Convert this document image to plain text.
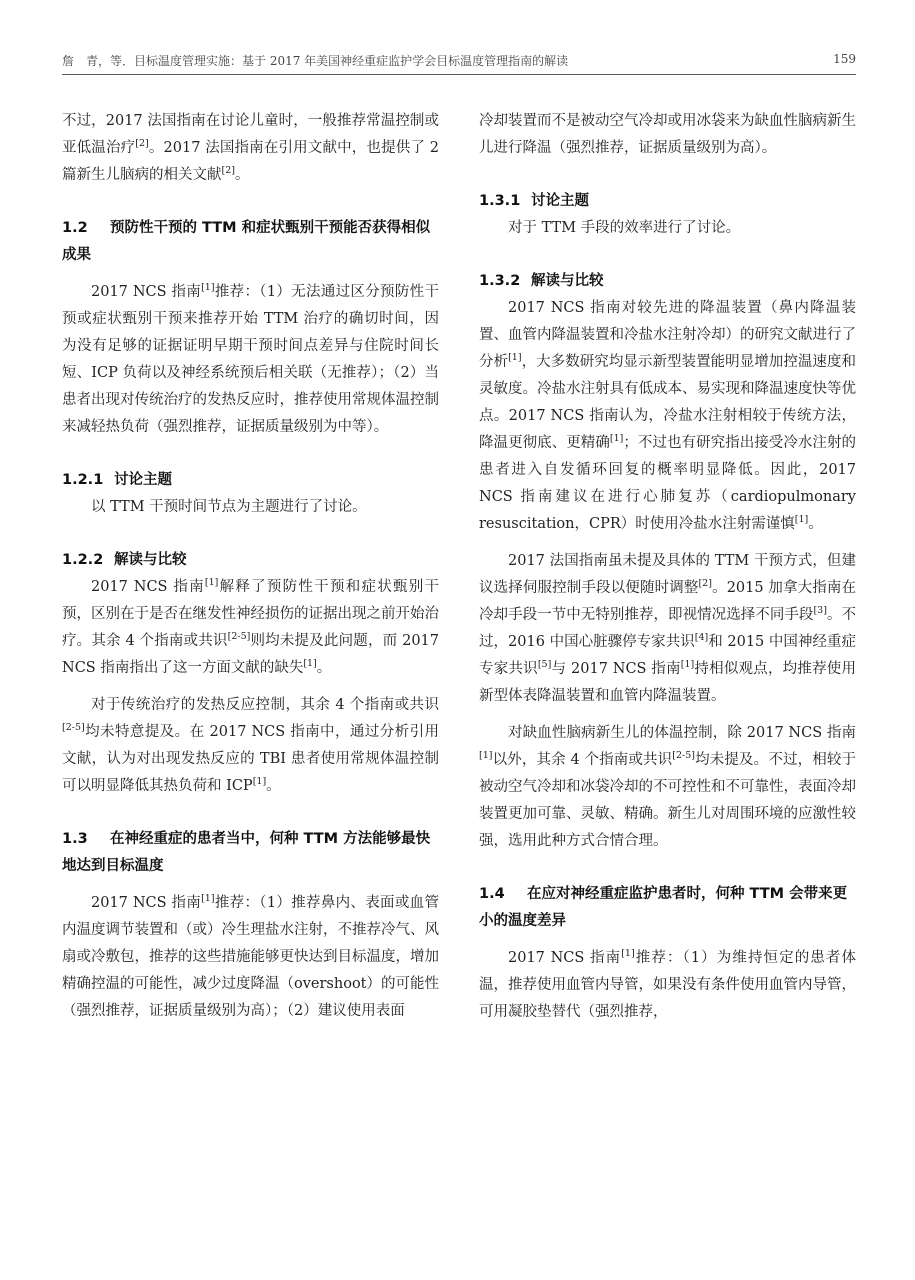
詹　青，等．目标温度管理实施：基于 2017 年美国神经重症监护学会目标温度管理指南的解读	159

不过，2017 法国指南在讨论儿童时，一般推荐常温控制或亚低温治疗[2]。2017 法国指南在引用文献中，也提供了 2 篇新生儿脑病的相关文献[2]。

1.2 预防性干预的 TTM 和症状甄别干预能否获得相似成果

2017 NCS 指南[1]推荐：（1）无法通过区分预防性干预或症状甄别干预来推荐开始 TTM 治疗的确切时间，因为没有足够的证据证明早期干预时间点差异与住院时间长短、ICP 负荷以及神经系统预后相关联（无推荐）；（2）当患者出现对传统治疗的发热反应时，推荐使用常规体温控制来减轻热负荷（强烈推荐，证据质量级别为中等）。

1.2.1 讨论主题

以 TTM 干预时间节点为主题进行了讨论。

1.2.2 解读与比较

2017 NCS 指南[1]解释了预防性干预和症状甄别干预，区别在于是否在继发性神经损伤的证据出现之前开始治疗。其余 4 个指南或共识[2-5]则均未提及此问题，而 2017 NCS 指南指出了这一方面文献的缺失[1]。

对于传统治疗的发热反应控制，其余 4 个指南或共识[2-5]均未特意提及。在 2017 NCS 指南中，通过分析引用文献，认为对出现发热反应的 TBI 患者使用常规体温控制可以明显降低其热负荷和 ICP[1]。

1.3 在神经重症的患者当中，何种 TTM 方法能够最快地达到目标温度

2017 NCS 指南[1]推荐：（1）推荐鼻内、表面或血管内温度调节装置和（或）冷生理盐水注射，不推荐冷气、风扇或冷敷包，推荐的这些措施能够更快达到目标温度，增加精确控温的可能性，减少过度降温（overshoot）的可能性（强烈推荐，证据质量级别为高）；（2）建议使用表面

冷却装置而不是被动空气冷却或用冰袋来为缺血性脑病新生儿进行降温（强烈推荐，证据质量级别为高）。

1.3.1 讨论主题

对于 TTM 手段的效率进行了讨论。

1.3.2 解读与比较

2017 NCS 指南对较先进的降温装置（鼻内降温装置、血管内降温装置和冷盐水注射冷却）的研究文献进行了分析[1]，大多数研究均显示新型装置能明显增加控温速度和灵敏度。冷盐水注射具有低成本、易实现和降温速度快等优点。2017 NCS 指南认为，冷盐水注射相较于传统方法，降温更彻底、更精确[1]；不过也有研究指出接受冷水注射的患者进入自发循环回复的概率明显降低。因此，2017 NCS 指南建议在进行心肺复苏（cardiopulmonary resuscitation，CPR）时使用冷盐水注射需谨慎[1]。

2017 法国指南虽未提及具体的 TTM 干预方式，但建议选择伺服控制手段以便随时调整[2]。2015 加拿大指南在冷却手段一节中无特别推荐，即视情况选择不同手段[3]。不过，2016 中国心脏骤停专家共识[4]和 2015 中国神经重症专家共识[5]与 2017 NCS 指南[1]持相似观点，均推荐使用新型体表降温装置和血管内降温装置。

对缺血性脑病新生儿的体温控制，除 2017 NCS 指南[1]以外，其余 4 个指南或共识[2-5]均未提及。不过，相较于被动空气冷却和冰袋冷却的不可控性和不可靠性，表面冷却装置更加可靠、灵敏、精确。新生儿对周围环境的应激性较强，选用此种方式合情合理。

1.4 在应对神经重症监护患者时，何种 TTM 会带来更小的温度差异

2017 NCS 指南[1]推荐：（1）为维持恒定的患者体温，推荐使用血管内导管，如果没有条件使用血管内导管，可用凝胶垫替代（强烈推荐，
